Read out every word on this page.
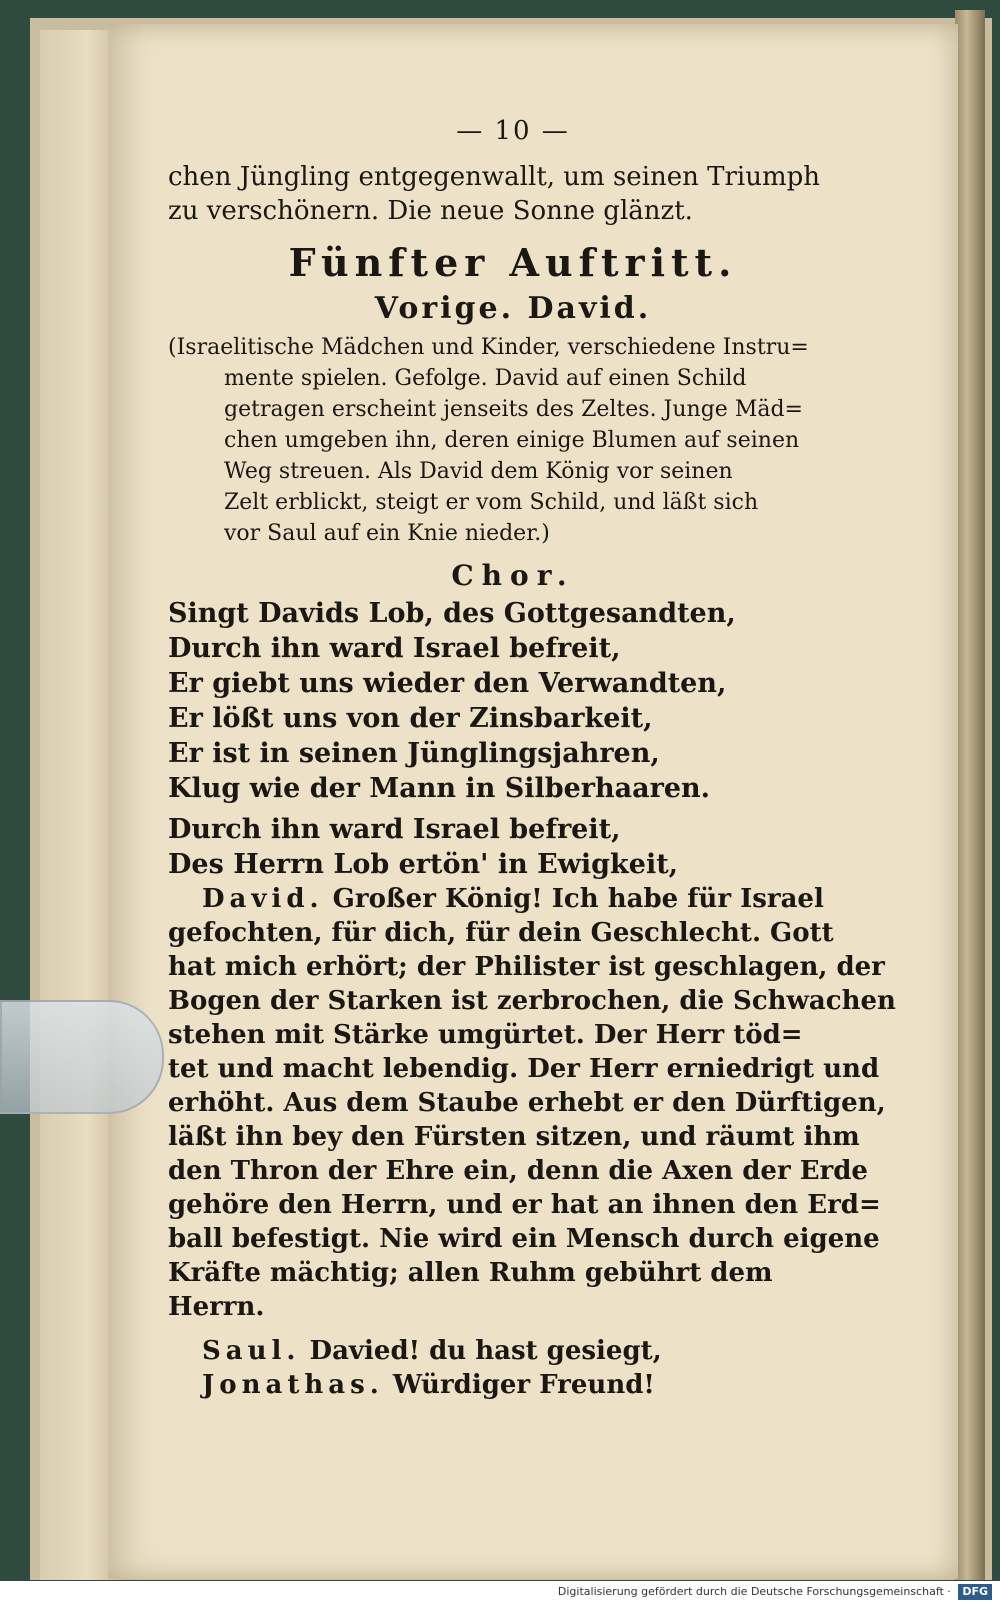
— 10 —
chen Jüngling entgegenwallt, um seinen Triumph
zu verschönern. Die neue Sonne glänzt.
Fünfter Auftritt.
Vorige. David.
(Israelitische Mädchen und Kinder, verschiedene Instru=
mente spielen. Gefolge. David auf einen Schild
getragen erscheint jenseits des Zeltes. Junge Mäd=
chen umgeben ihn, deren einige Blumen auf seinen
Weg streuen. Als David dem König vor seinen
Zelt erblickt, steigt er vom Schild, und läßt sich
vor Saul auf ein Knie nieder.)
Chor.
Singt Davids Lob, des Gottgesandten,
Durch ihn ward Israel befreit,
Er giebt uns wieder den Verwandten,
Er lößt uns von der Zinsbarkeit,
Er ist in seinen Jünglingsjahren,
Klug wie der Mann in Silberhaaren.
Durch ihn ward Israel befreit,
Des Herrn Lob ertön' in Ewigkeit,
David. Großer König! Ich habe für Israel
gefochten, für dich, für dein Geschlecht. Gott
hat mich erhört; der Philister ist geschlagen, der
Bogen der Starken ist zerbrochen, die Schwachen
stehen mit Stärke umgürtet. Der Herr töd=
tet und macht lebendig. Der Herr erniedrigt und
erhöht. Aus dem Staube erhebt er den Dürftigen,
läßt ihn bey den Fürsten sitzen, und räumt ihm
den Thron der Ehre ein, denn die Axen der Erde
gehöre den Herrn, und er hat an ihnen den Erd=
ball befestigt. Nie wird ein Mensch durch eigene
Kräfte mächtig; allen Ruhm gebührt dem
Herrn.
Saul. Davied! du hast gesiegt,
Jonathas. Würdiger Freund!
Digitalisierung gefördert durch die Deutsche Forschungsgemeinschaft · DFG
